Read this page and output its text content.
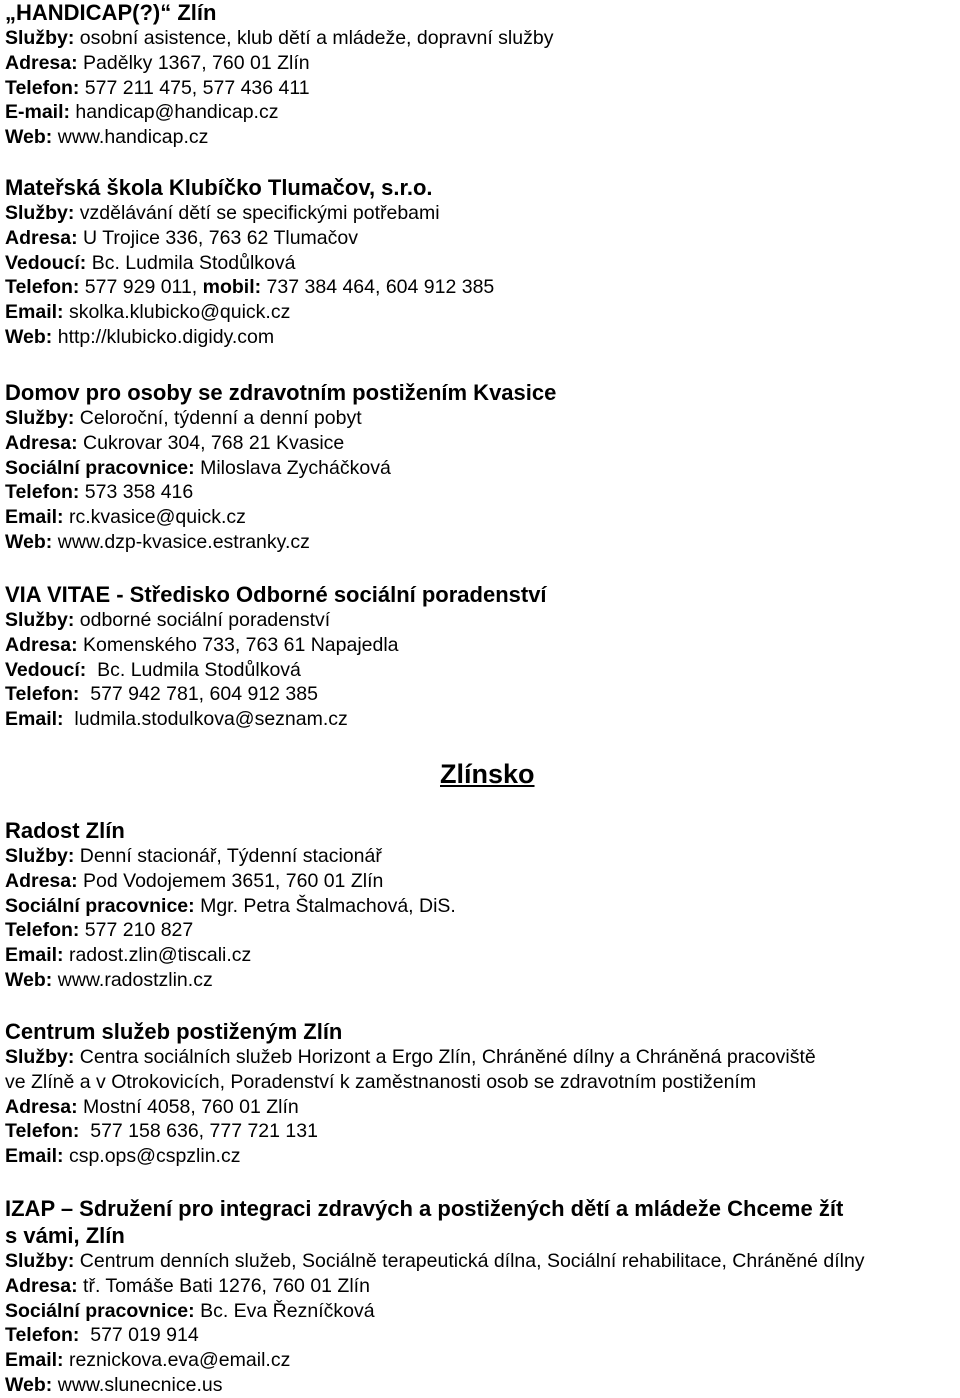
„HANDICAP(?)“ Zlín
Služby: osobní asistence, klub dětí a mládeže, dopravní služby
Adresa: Padělky 1367, 760 01 Zlín
Telefon: 577 211 475, 577 436 411
E-mail: handicap@handicap.cz
Web: www.handicap.cz
Mateřská škola Klubíčko Tlumačov, s.r.o.
Služby: vzdělávání dětí se specifickými potřebami
Adresa: U Trojice 336, 763 62 Tlumačov
Vedoucí: Bc. Ludmila Stodůlková
Telefon: 577 929 011, mobil: 737 384 464, 604 912 385
Email: skolka.klubicko@quick.cz
Web: http://klubicko.digidy.com
Domov pro osoby se zdravotním postižením Kvasice
Služby: Celoroční, týdenní a denní pobyt
Adresa: Cukrovar 304, 768 21 Kvasice
Sociální pracovnice: Miloslava Zycháčková
Telefon: 573 358 416
Email: rc.kvasice@quick.cz
Web: www.dzp-kvasice.estranky.cz
VIA VITAE - Středisko Odborné sociální poradenství
Služby: odborné sociální poradenství
Adresa: Komenského 733, 763 61 Napajedla
Vedoucí:  Bc. Ludmila Stodůlková
Telefon:  577 942 781, 604 912 385
Email:  ludmila.stodulkova@seznam.cz
Zlínsko
Radost Zlín
Služby: Denní stacionář, Týdenní stacionář
Adresa: Pod Vodojemem 3651, 760 01 Zlín
Sociální pracovnice: Mgr. Petra Štalmachová, DiS.
Telefon: 577 210 827
Email: radost.zlin@tiscali.cz
Web: www.radostzlin.cz
Centrum služeb postiženým Zlín
Služby: Centra sociálních služeb Horizont a Ergo Zlín, Chráněné dílny a Chráněná pracoviště
ve Zlíně a v Otrokovicích, Poradenství k zaměstnanosti osob se zdravotním postižením
Adresa: Mostní 4058, 760 01 Zlín
Telefon:  577 158 636, 777 721 131
Email: csp.ops@cspzlin.cz
IZAP – Sdružení pro integraci zdravých a postižených dětí a mládeže Chceme žít
s vámi, Zlín
Služby: Centrum denních služeb, Sociálně terapeutická dílna, Sociální rehabilitace, Chráněné dílny
Adresa: tř. Tomáše Bati 1276, 760 01 Zlín
Sociální pracovnice: Bc. Eva Řezníčková
Telefon:  577 019 914
Email: reznickova.eva@email.cz
Web: www.slunecnice.us
